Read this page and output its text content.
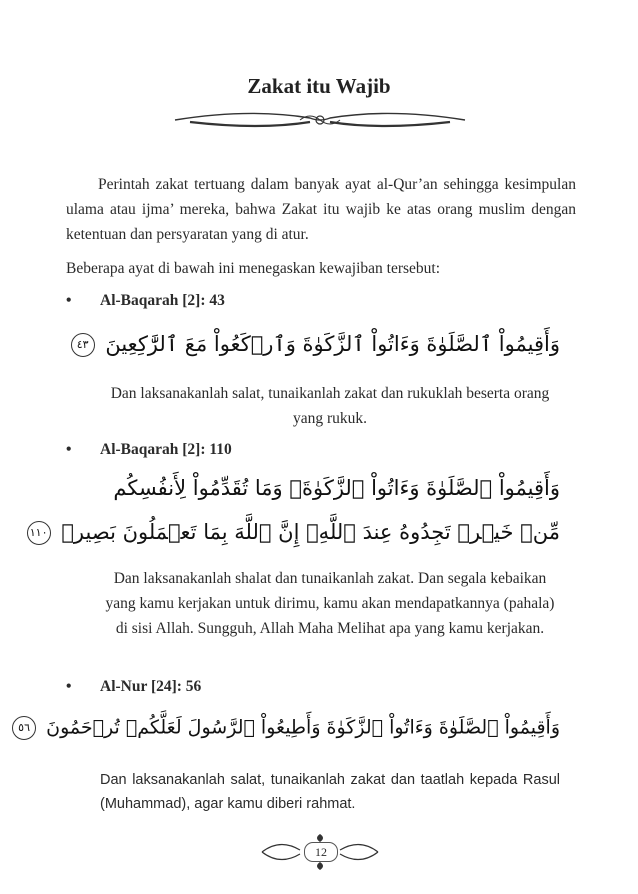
Zakat itu Wajib
Perintah zakat tertuang dalam banyak ayat al-Qur’an sehingga kesimpulan ulama atau ijma’ mereka, bahwa Zakat itu wajib ke atas orang muslim dengan ketentuan dan persyaratan yang di atur.
Beberapa ayat di bawah ini menegaskan kewajiban tersebut:
•	Al-Baqarah [2]: 43
وَأَقِيمُواْ ٱلصَّلَوٰةَ وَءَاتُواْ ٱلزَّكَوٰةَ وَٱرۡكَعُواْ مَعَ ٱلرَّٰكِعِينَ ٤٣
Dan laksanakanlah salat, tunaikanlah zakat dan rukuklah beserta orang yang rukuk.
•	Al-Baqarah [2]: 110
وَأَقِيمُواْ ٱلصَّلَوٰةَ وَءَاتُواْ ٱلزَّكَوٰةَۚ وَمَا تُقَدِّمُواْ لِأَنفُسِكُم
مِّنۡ خَيۡرٖ تَجِدُوهُ عِندَ ٱللَّهِۗ إِنَّ ٱللَّهَ بِمَا تَعۡمَلُونَ بَصِيرٞ ١١٠
Dan laksanakanlah shalat dan tunaikanlah zakat. Dan segala kebaikan yang kamu kerjakan untuk dirimu, kamu akan mendapatkannya (pahala) di sisi Allah. Sungguh, Allah Maha Melihat apa yang kamu kerjakan.
•	Al-Nur [24]: 56
وَأَقِيمُواْ ٱلصَّلَوٰةَ وَءَاتُواْ ٱلزَّكَوٰةَ وَأَطِيعُواْ ٱلرَّسُولَ لَعَلَّكُمۡ تُرۡحَمُونَ ٥٦
Dan laksanakanlah salat, tunaikanlah zakat dan taatlah kepada Rasul (Muhammad), agar kamu diberi rahmat.
12
